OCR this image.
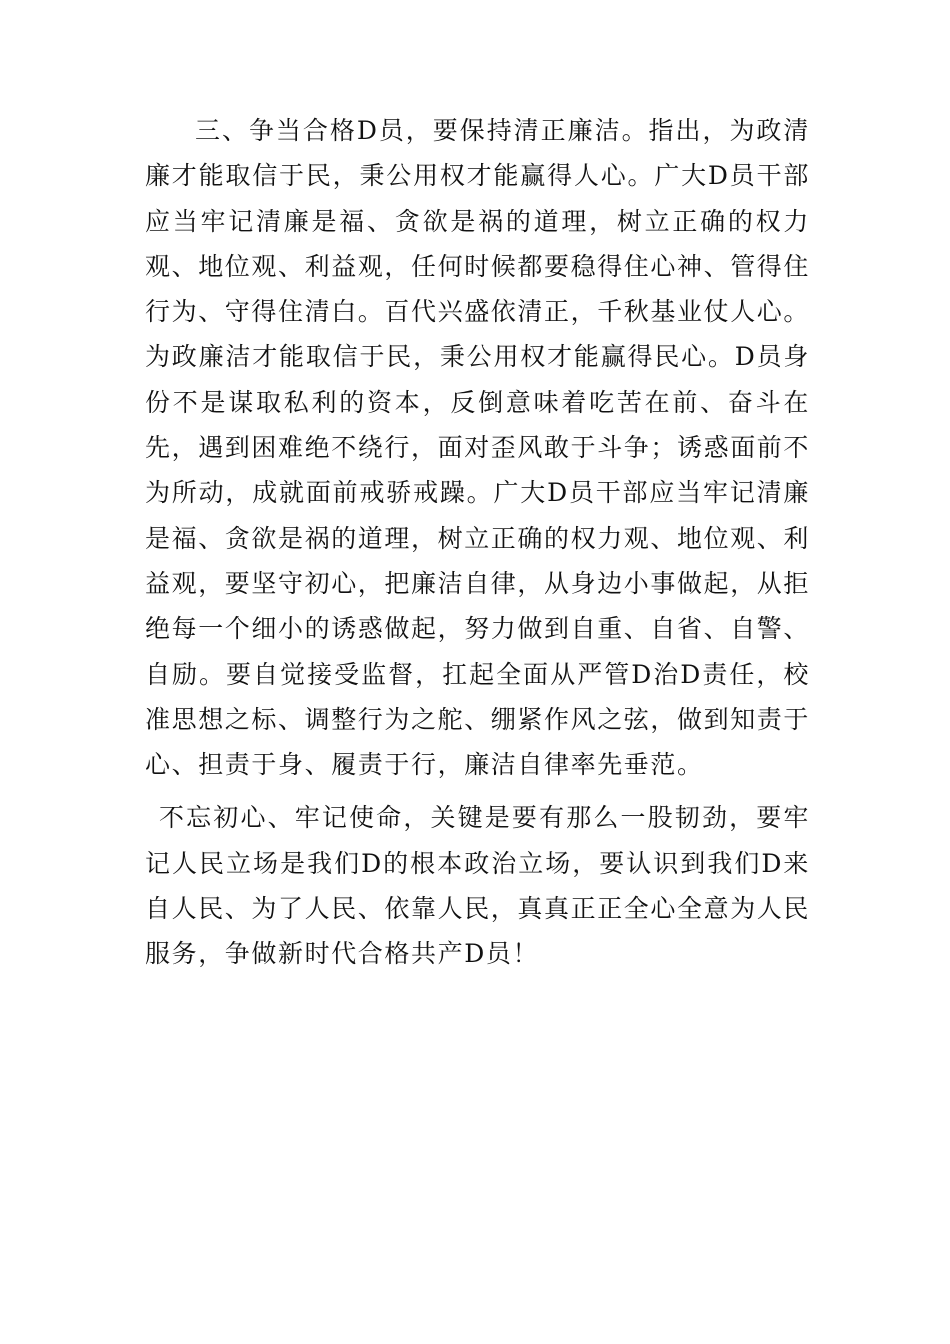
三、争当合格D员，要保持清正廉洁。指出，为政清廉才能取信于民，秉公用权才能赢得人心。广大D员干部应当牢记清廉是福、贪欲是祸的道理，树立正确的权力观、地位观、利益观，任何时候都要稳得住心神、管得住行为、守得住清白。百代兴盛依清正，千秋基业仗人心。为政廉洁才能取信于民，秉公用权才能赢得民心。D员身份不是谋取私利的资本，反倒意味着吃苦在前、奋斗在先，遇到困难绝不绕行，面对歪风敢于斗争；诱惑面前不为所动，成就面前戒骄戒躁。广大D员干部应当牢记清廉是福、贪欲是祸的道理，树立正确的权力观、地位观、利益观，要坚守初心，把廉洁自律，从身边小事做起，从拒绝每一个细小的诱惑做起，努力做到自重、自省、自警、自励。要自觉接受监督，扛起全面从严管D治D责任，校准思想之标、调整行为之舵、绷紧作风之弦，做到知责于心、担责于身、履责于行，廉洁自律率先垂范。

不忘初心、牢记使命，关键是要有那么一股韧劲，要牢记人民立场是我们D的根本政治立场，要认识到我们D来自人民、为了人民、依靠人民，真真正正全心全意为人民服务，争做新时代合格共产D员！
